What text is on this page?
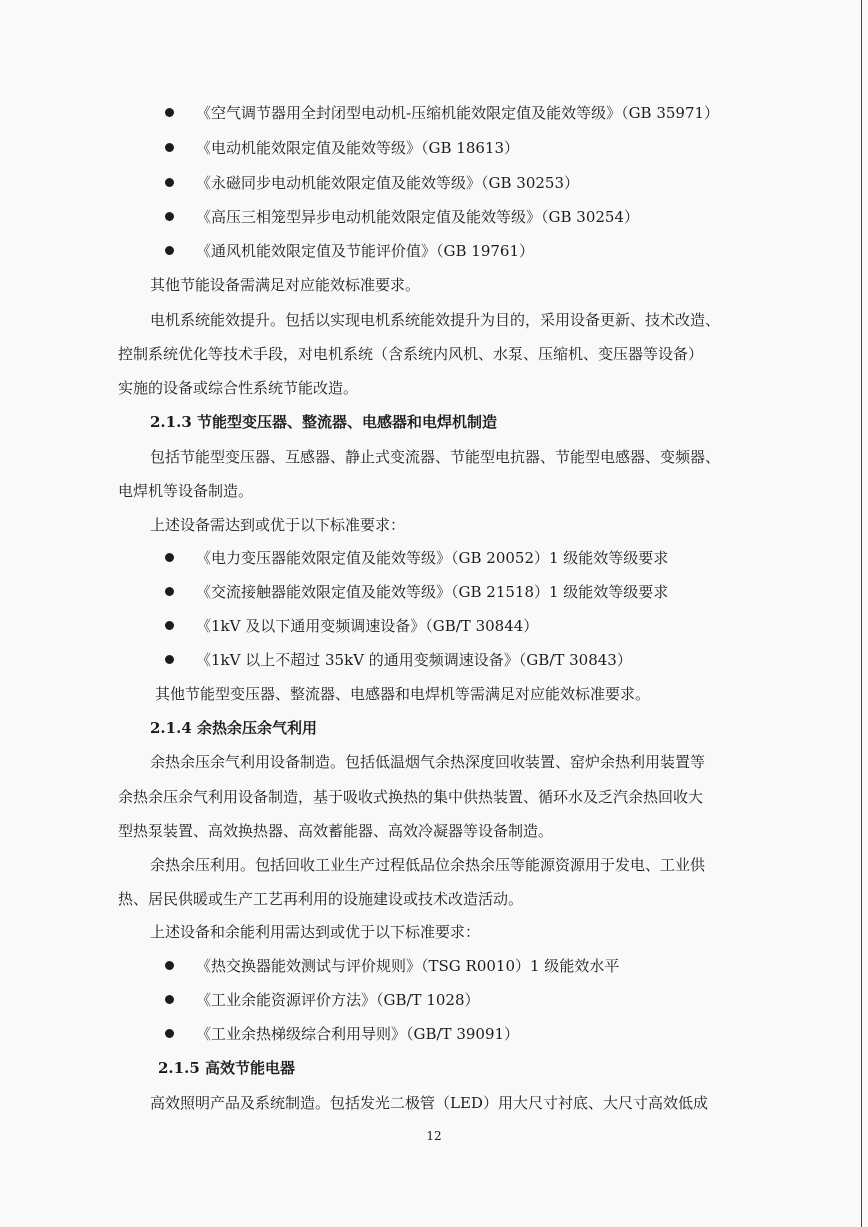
《空气调节器用全封闭型电动机-压缩机能效限定值及能效等级》（GB 35971）
《电动机能效限定值及能效等级》（GB 18613）
《永磁同步电动机能效限定值及能效等级》（GB 30253）
《高压三相笼型异步电动机能效限定值及能效等级》（GB 30254）
《通风机能效限定值及节能评价值》（GB 19761）
其他节能设备需满足对应能效标准要求。
电机系统能效提升。包括以实现电机系统能效提升为目的，采用设备更新、技术改造、
控制系统优化等技术手段，对电机系统（含系统内风机、水泵、压缩机、变压器等设备）
实施的设备或综合性系统节能改造。
2.1.3 节能型变压器、整流器、电感器和电焊机制造
包括节能型变压器、互感器、静止式变流器、节能型电抗器、节能型电感器、变频器、
电焊机等设备制造。
上述设备需达到或优于以下标准要求：
《电力变压器能效限定值及能效等级》（GB 20052）1 级能效等级要求
《交流接触器能效限定值及能效等级》（GB 21518）1 级能效等级要求
《1kV 及以下通用变频调速设备》（GB/T 30844）
《1kV 以上不超过 35kV 的通用变频调速设备》（GB/T 30843）
其他节能型变压器、整流器、电感器和电焊机等需满足对应能效标准要求。
2.1.4 余热余压余气利用
余热余压余气利用设备制造。包括低温烟气余热深度回收装置、窑炉余热利用装置等
余热余压余气利用设备制造，基于吸收式换热的集中供热装置、循环水及乏汽余热回收大
型热泵装置、高效换热器、高效蓄能器、高效冷凝器等设备制造。
余热余压利用。包括回收工业生产过程低品位余热余压等能源资源用于发电、工业供
热、居民供暖或生产工艺再利用的设施建设或技术改造活动。
上述设备和余能利用需达到或优于以下标准要求：
《热交换器能效测试与评价规则》（TSG R0010）1 级能效水平
《工业余能资源评价方法》（GB/T 1028）
《工业余热梯级综合利用导则》（GB/T 39091）
2.1.5 高效节能电器
高效照明产品及系统制造。包括发光二极管（LED）用大尺寸衬底、大尺寸高效低成
12
